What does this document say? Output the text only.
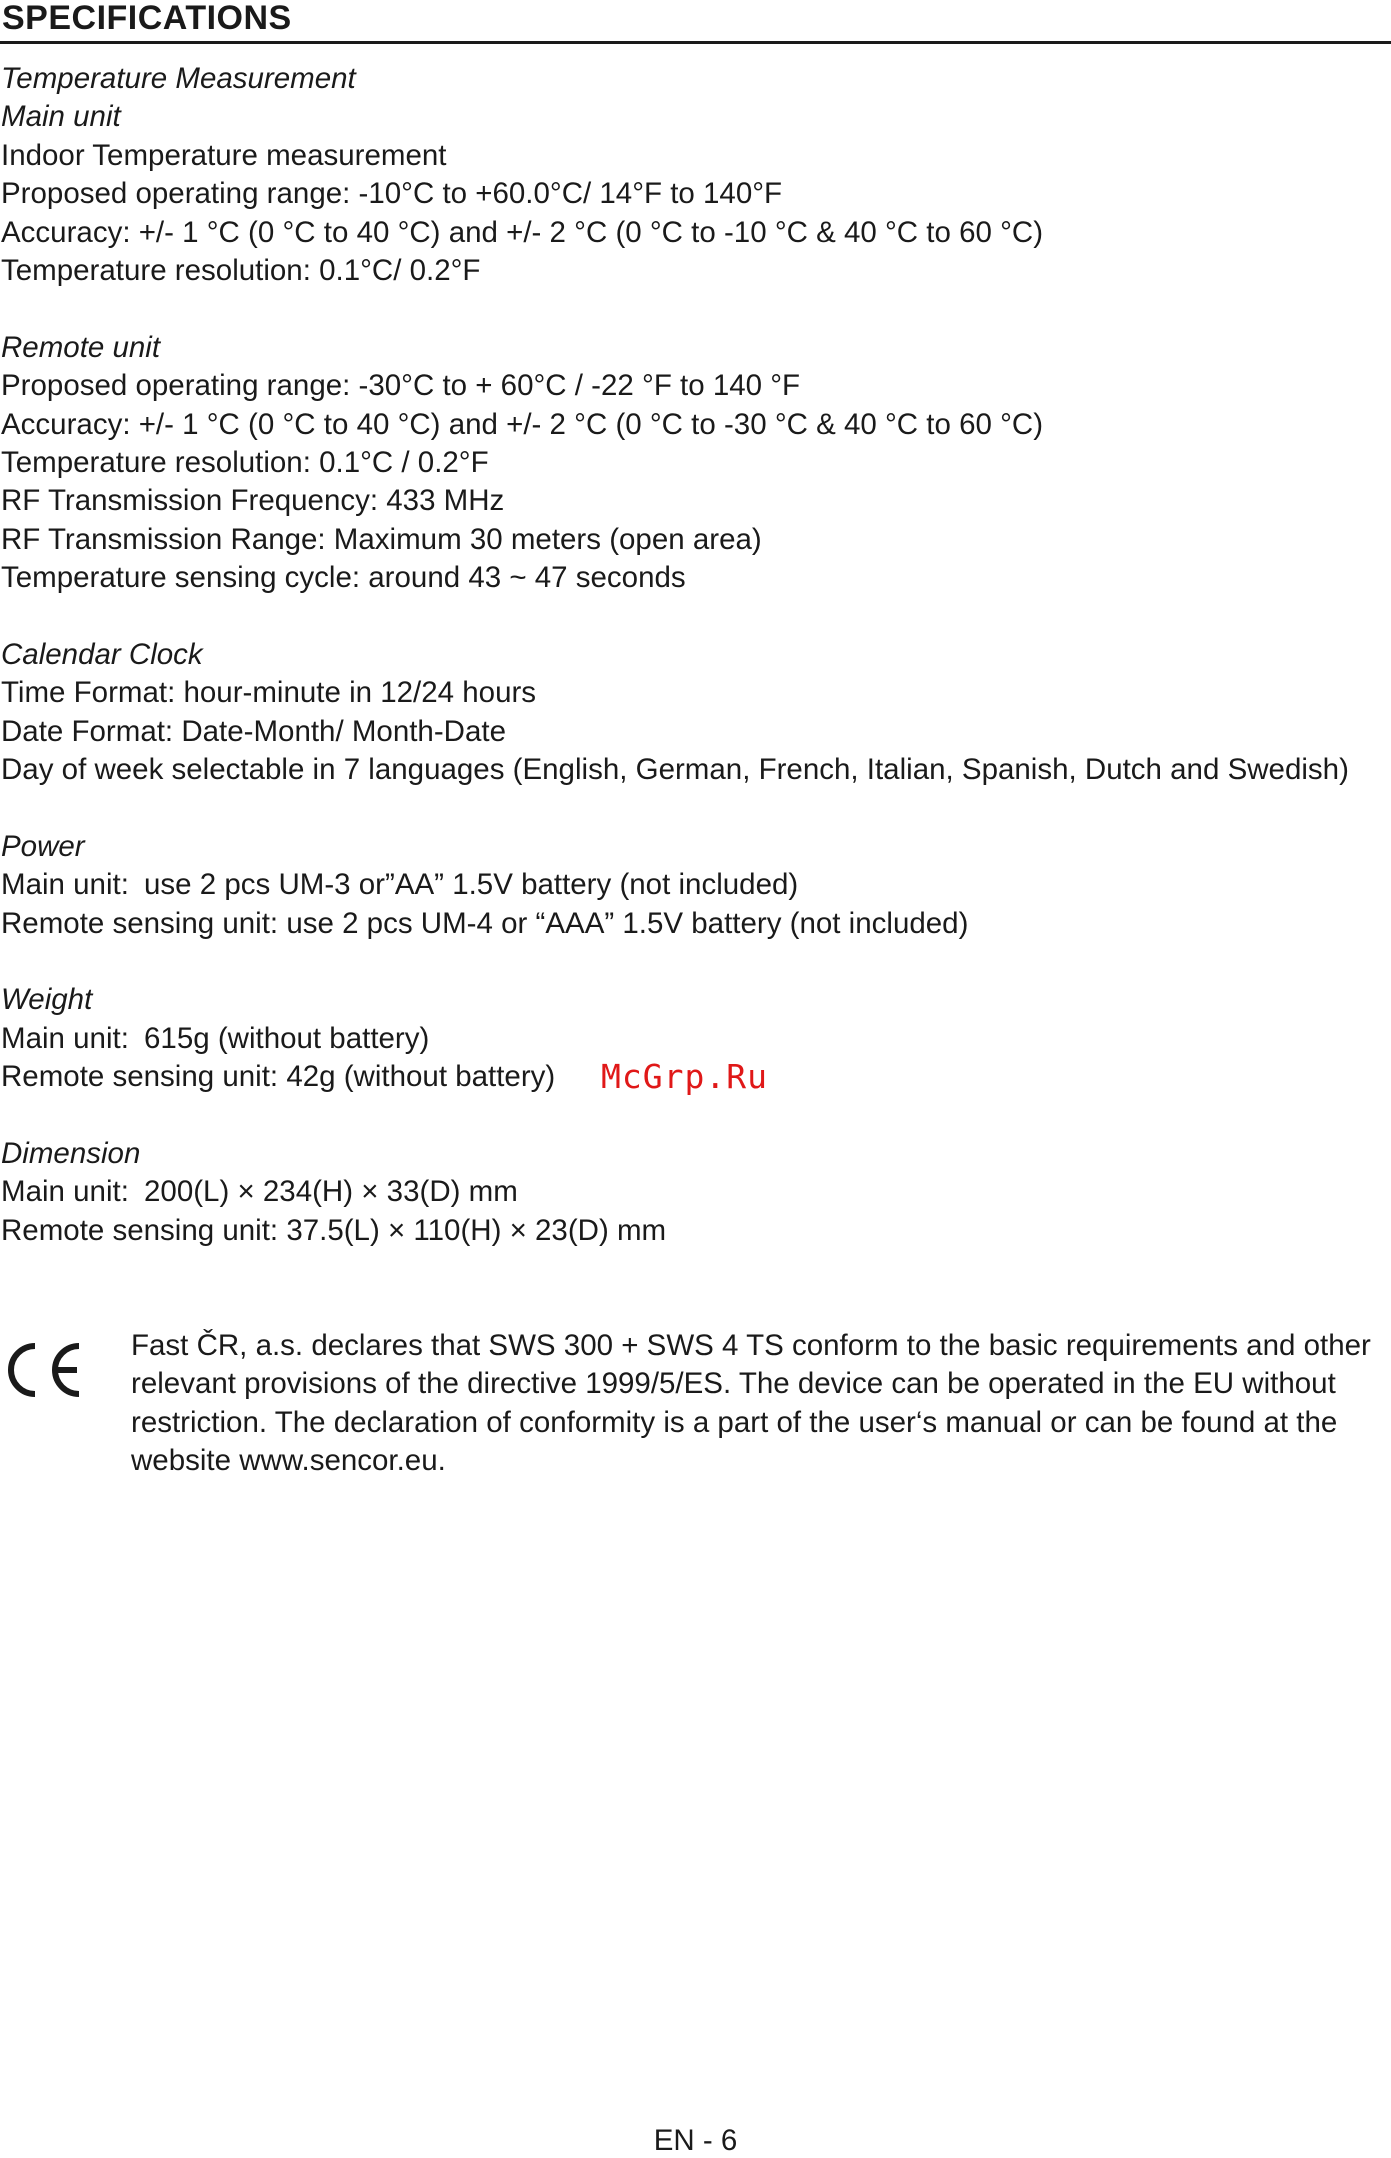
SPECIFICATIONS
Temperature Measurement
Main unit
Indoor Temperature measurement
Proposed operating range: -10°C to +60.0°C/ 14°F to 140°F
Accuracy: +/- 1 °C (0 °C to 40 °C) and +/- 2 °C (0 °C to -10 °C & 40 °C to 60 °C)
Temperature resolution: 0.1°C/ 0.2°F
Remote unit
Proposed operating range: -30°C to + 60°C / -22 °F to 140 °F
Accuracy: +/- 1 °C (0 °C to 40 °C) and +/- 2 °C (0 °C to -30 °C & 40 °C to 60 °C)
Temperature resolution: 0.1°C / 0.2°F
RF Transmission Frequency: 433 MHz
RF Transmission Range: Maximum 30 meters (open area)
Temperature sensing cycle: around 43 ~ 47 seconds
Calendar Clock
Time Format: hour-minute in 12/24 hours
Date Format: Date-Month/ Month-Date
Day of week selectable in 7 languages (English, German, French, Italian, Spanish, Dutch and Swedish)
Power
Main unit: use 2 pcs UM-3 or”AA” 1.5V battery (not included)
Remote sensing unit: use 2 pcs UM-4 or “AAA” 1.5V battery (not included)
Weight
Main unit: 615g (without battery)
Remote sensing unit: 42g (without battery)
Dimension
Main unit: 200(L) × 234(H) × 33(D) mm
Remote sensing unit: 37.5(L) × 110(H) × 23(D) mm
Fast ČR, a.s. declares that SWS 300 + SWS 4 TS conform to the basic requirements and other relevant provisions of the directive 1999/5/ES. The device can be operated in the EU without restriction. The declaration of conformity is a part of the user‘s manual or can be found at the website www.sencor.eu.
McGrp.Ru
EN - 6
